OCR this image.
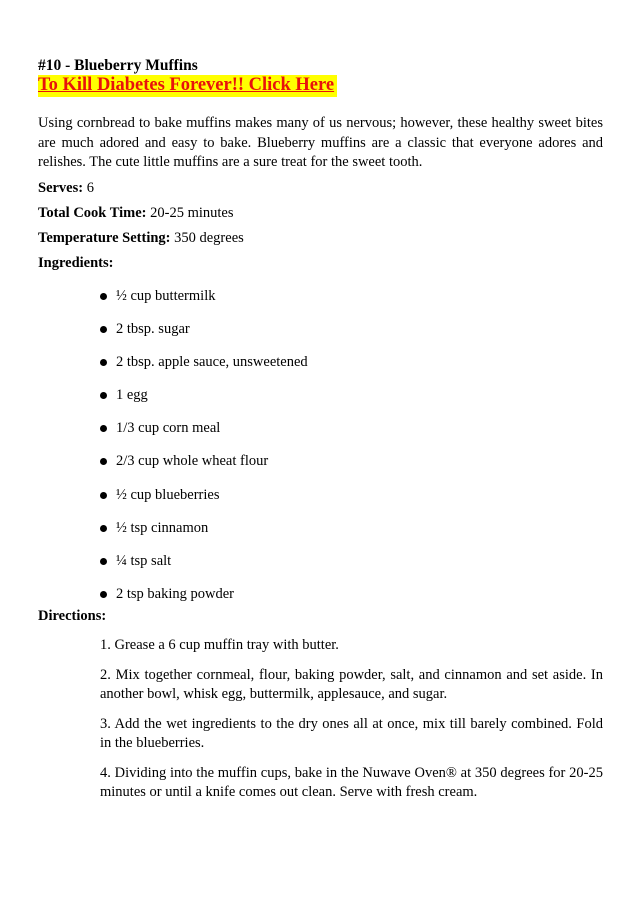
#10 - Blueberry Muffins
To Kill Diabetes Forever!! Click Here
Using cornbread to bake muffins makes many of us nervous; however, these healthy sweet bites are much adored and easy to bake. Blueberry muffins are a classic that everyone adores and relishes. The cute little muffins are a sure treat for the sweet tooth.
Serves: 6
Total Cook Time: 20-25 minutes
Temperature Setting: 350 degrees
Ingredients:
½ cup buttermilk
2 tbsp. sugar
2 tbsp. apple sauce, unsweetened
1 egg
1/3 cup corn meal
2/3 cup whole wheat flour
½ cup blueberries
½ tsp cinnamon
¼ tsp salt
2 tsp baking powder
Directions:
1. Grease a 6 cup muffin tray with butter.
2. Mix together cornmeal, flour, baking powder, salt, and cinnamon and set aside. In another bowl, whisk egg, buttermilk, applesauce, and sugar.
3. Add the wet ingredients to the dry ones all at once, mix till barely combined. Fold in the blueberries.
4. Dividing into the muffin cups, bake in the Nuwave Oven® at 350 degrees for 20-25 minutes or until a knife comes out clean. Serve with fresh cream.
